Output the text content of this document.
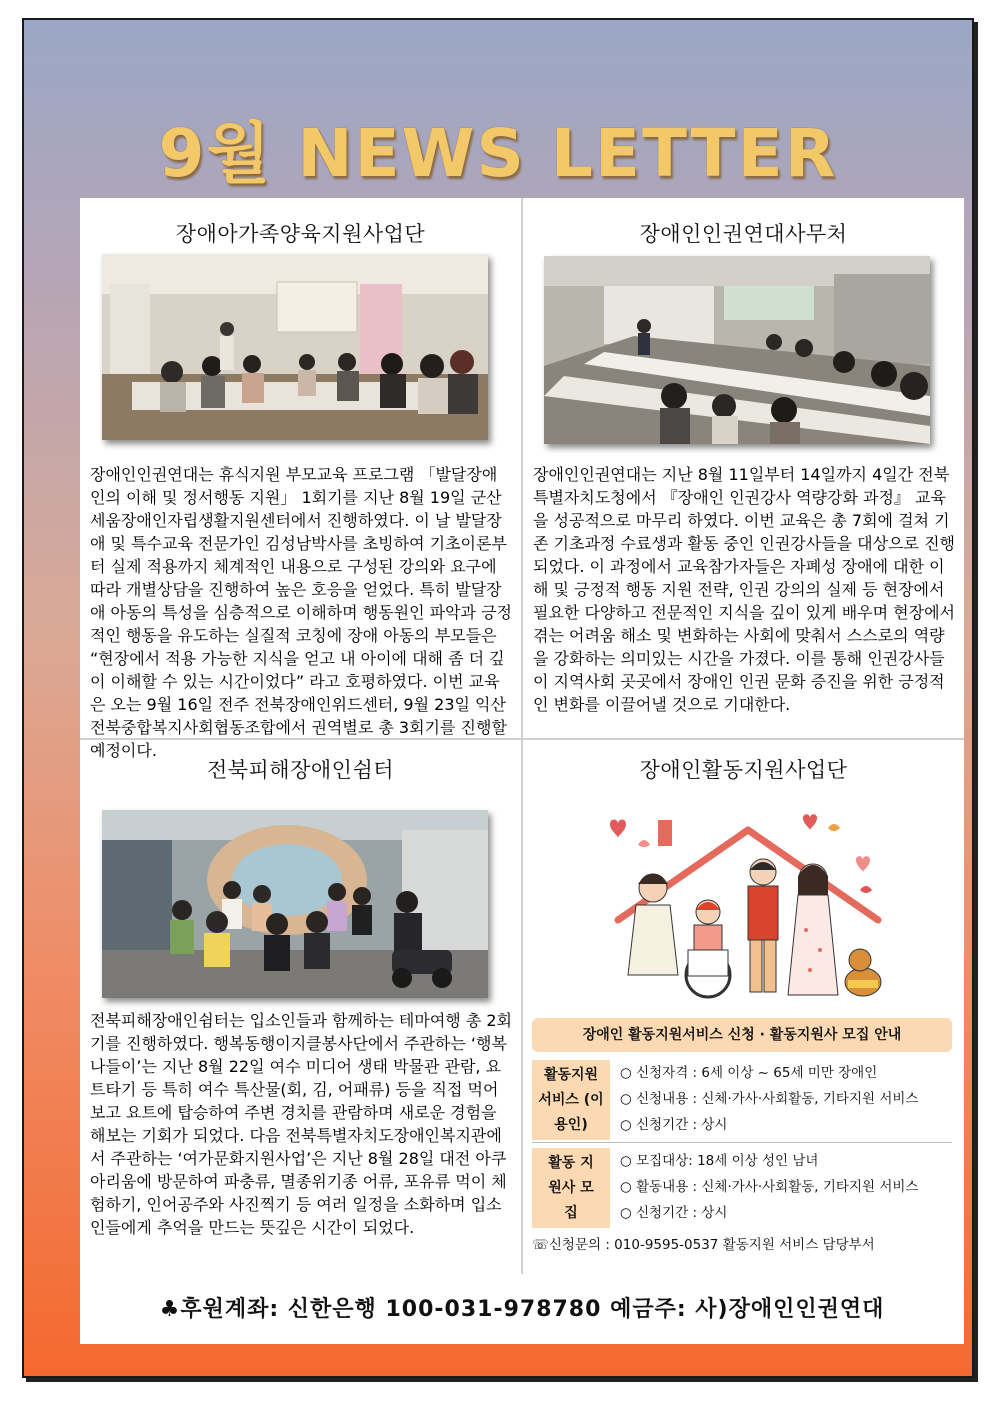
9월 NEWS LETTER
장애아가족양육지원사업단

장애인인권연대는 휴식지원 부모교육 프로그램 「발달장애인의 이해 및 정서행동 지원」 1회기를 지난 8월 19일 군산세움장애인자립생활지원센터에서 진행하였다. 이 날 발달장애 및 특수교육 전문가인 김성남박사를 초빙하여 기초이론부터 실제 적용까지 체계적인 내용으로 구성된 강의와 요구에 따라 개별상담을 진행하여 높은 호응을 얻었다. 특히 발달장애 아동의 특성을 심층적으로 이해하며 행동원인 파악과 긍정적인 행동을 유도하는 실질적 코칭에 장애 아동의 부모들은 “현장에서 적용 가능한 지식을 얻고 내 아이에 대해 좀 더 깊이 이해할 수 있는 시간이었다” 라고 호평하였다. 이번 교육은 오는 9월 16일 전주 전북장애인위드센터, 9월 23일 익산 전북중합복지사회협동조합에서 권역별로 총 3회기를 진행할 예정이다.

장애인인권연대사무처

장애인인권연대는 지난 8월 11일부터 14일까지 4일간 전북특별자치도청에서 『장애인 인권강사 역량강화 과정』 교육을 성공적으로 마무리 하였다. 이번 교육은 총 7회에 걸쳐 기존 기초과정 수료생과 활동 중인 인권강사들을 대상으로 진행되었다. 이 과정에서 교육참가자들은 자폐성 장애에 대한 이해 및 긍정적 행동 지원 전략, 인권 강의의 실제 등 현장에서 필요한 다양하고 전문적인 지식을 깊이 있게 배우며 현장에서 겪는 어려움 해소 및 변화하는 사회에 맞춰서 스스로의 역량을 강화하는 의미있는 시간을 가졌다. 이를 통해 인권강사들이 지역사회 곳곳에서 장애인 인권 문화 증진을 위한 긍정적인 변화를 이끌어낼 것으로 기대한다.

전북피해장애인쉼터

전북피해장애인쉼터는 입소인들과 함께하는 테마여행 총 2회기를 진행하였다. 행복동행이지클봉사단에서 주관하는 ‘행복나들이’는 지난 8월 22일 여수 미디어 생태 박물관 관람, 요트타기 등 특히 여수 특산물(회, 김, 어패류) 등을 직접 먹어보고 요트에 탑승하여 주변 경치를 관람하며 새로운 경험을 해보는 기회가 되었다. 다음 전북특별자치도장애인복지관에서 주관하는 ‘여가문화지원사업’은 지난 8월 28일 대전 아쿠아리움에 방문하여 파충류, 멸종위기종 어류, 포유류 먹이 체험하기, 인어공주와 사진찍기 등 여러 일정을 소화하며 입소인들에게 추억을 만드는 뜻깊은 시간이 되었다.

장애인활동지원사업단
장애인 활동지원서비스 신청 · 활동지원사 모집 안내
활동지원 서비스 (이용인)
○ 신청자격 : 6세 이상 ~ 65세 미만 장애인
○ 신청내용 : 신체·가사·사회활동, 기타지원 서비스
○ 신청기간 : 상시
활동 지원사 모집
○ 모집대상: 18세 이상 성인 남녀
○ 활동내용 : 신체·가사·사회활동, 기타지원 서비스
○ 신청기간 : 상시
☏신청문의 : 010-9595-0537 활동지원 서비스 담당부서
♣후원계좌: 신한은행 100-031-978780 예금주: 사)장애인인권연대
